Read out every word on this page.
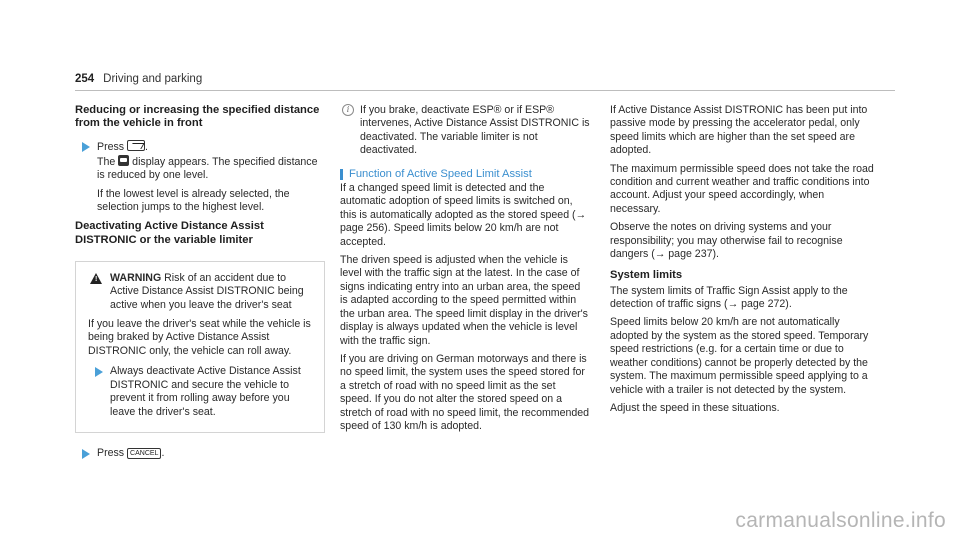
254 Driving and parking
Reducing or increasing the specified distance from the vehicle in front
Press .
The display appears. The specified distance is reduced by one level.

If the lowest level is already selected, the selection jumps to the highest level.

Deactivating Active Distance Assist DISTRONIC or the variable limiter
! WARNING Risk of an accident due to Active Distance Assist DISTRONIC being active when you leave the driver's seat

If you leave the driver's seat while the vehicle is being braked by Active Distance Assist DISTRONIC only, the vehicle can roll away.

Always deactivate Active Distance Assist DISTRONIC and secure the vehicle to prevent it from rolling away before you leave the driver's seat.
Press CANCEL .
i	If you brake, deactivate ESP® or if ESP® intervenes, Active Distance Assist DISTRONIC is deactivated. The variable limiter is not deactivated.
Function of Active Speed Limit Assist

If a changed speed limit is detected and the automatic adoption of speed limits is switched on, this is automatically adopted as the stored speed (→ page 256). Speed limits below 20 km/h are not accepted.

The driven speed is adjusted when the vehicle is level with the traffic sign at the latest. In the case of signs indicating entry into an urban area, the speed is adapted according to the speed permitted within the urban area. The speed limit display in the driver's display is always updated when the vehicle is level with the traffic sign.

If you are driving on German motorways and there is no speed limit, the system uses the speed stored for a stretch of road with no speed limit as the set speed. If you do not alter the stored speed on a stretch of road with no speed limit, the recommended speed of 130 km/h is adopted.

If Active Distance Assist DISTRONIC has been put into passive mode by pressing the accelerator pedal, only speed limits which are higher than the set speed are adopted.

The maximum permissible speed does not take the road condition and current weather and traffic conditions into account. Adjust your speed accordingly, when necessary.

Observe the notes on driving systems and your responsibility; you may otherwise fail to recognise dangers (→ page 237).

System limits

The system limits of Traffic Sign Assist apply to the detection of traffic signs (→ page 272).

Speed limits below 20 km/h are not automatically adopted by the system as the stored speed. Temporary speed restrictions (e.g. for a certain time or due to weather conditions) cannot be properly detected by the system. The maximum permissible speed applying to a vehicle with a trailer is not detected by the system.

Adjust the speed in these situations.

carmanualsonline.info
